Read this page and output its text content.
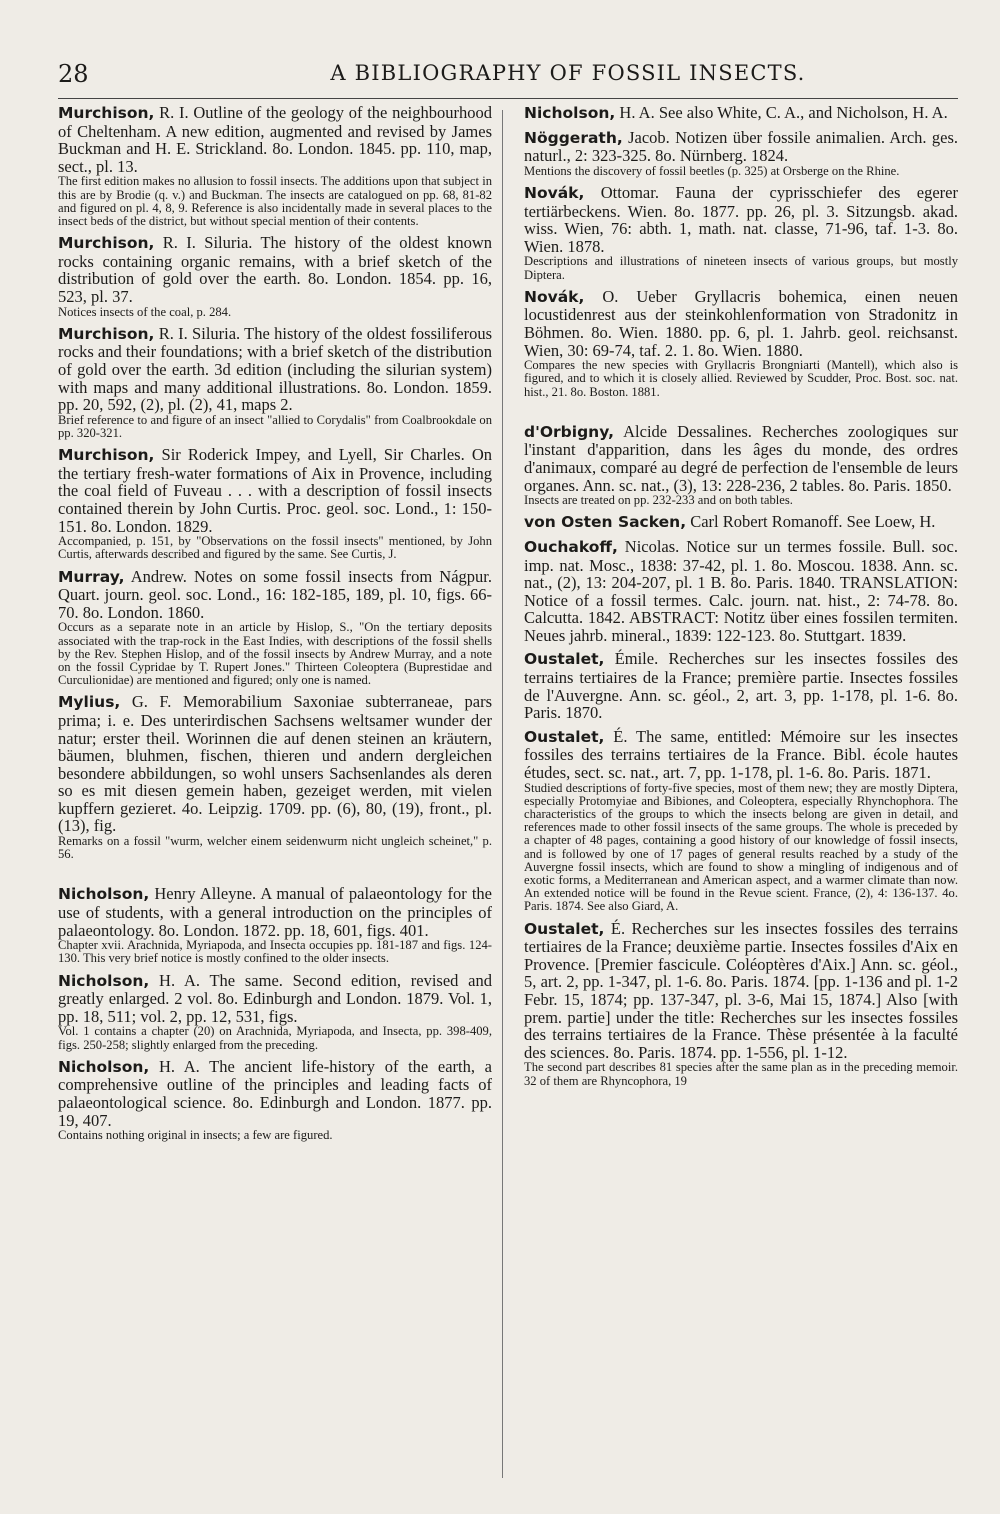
28	A BIBLIOGRAPHY OF FOSSIL INSECTS.

Murchison, R. I. Outline of the geology of the neighbourhood of Cheltenham. A new edition, augmented and revised by James Buckman and H. E. Strickland. 8o. London. 1845. pp. 110, map, sect., pl. 13.

The first edition makes no allusion to fossil insects. The additions upon that subject in this are by Brodie (q. v.) and Buckman. The insects are catalogued on pp. 68, 81-82 and figured on pl. 4, 8, 9. Reference is also incidentally made in several places to the insect beds of the district, but without special mention of their contents.

Murchison, R. I. Siluria. The history of the oldest known rocks containing organic remains, with a brief sketch of the distribution of gold over the earth. 8o. London. 1854. pp. 16, 523, pl. 37.

Notices insects of the coal, p. 284.

Murchison, R. I. Siluria. The history of the oldest fossiliferous rocks and their foundations; with a brief sketch of the distribution of gold over the earth. 3d edition (including the silurian system) with maps and many additional illustrations. 8o. London. 1859. pp. 20, 592, (2), pl. (2), 41, maps 2.

Brief reference to and figure of an insect "allied to Corydalis" from Coalbrookdale on pp. 320-321.

Murchison, Sir Roderick Impey, and Lyell, Sir Charles. On the tertiary fresh-water formations of Aix in Provence, including the coal field of Fuveau . . . with a description of fossil insects contained therein by John Curtis. Proc. geol. soc. Lond., 1: 150-151. 8o. London. 1829.

Accompanied, p. 151, by "Observations on the fossil insects" mentioned, by John Curtis, afterwards described and figured by the same. See Curtis, J.

Murray, Andrew. Notes on some fossil insects from Nágpur. Quart. journ. geol. soc. Lond., 16: 182-185, 189, pl. 10, figs. 66-70. 8o. London. 1860.

Occurs as a separate note in an article by Hislop, S., "On the tertiary deposits associated with the trap-rock in the East Indies, with descriptions of the fossil shells by the Rev. Stephen Hislop, and of the fossil insects by Andrew Murray, and a note on the fossil Cypridae by T. Rupert Jones." Thirteen Coleoptera (Buprestidae and Curculionidae) are mentioned and figured; only one is named.

Mylius, G. F. Memorabilium Saxoniae subterraneae, pars prima; i. e. Des unterirdischen Sachsens weltsamer wunder der natur; erster theil. Worinnen die auf denen steinen an kräutern, bäumen, bluhmen, fischen, thieren und andern dergleichen besondere abbildungen, so wohl unsers Sachsenlandes als deren so es mit diesen gemein haben, gezeiget werden, mit vielen kupffern gezieret. 4o. Leipzig. 1709. pp. (6), 80, (19), front., pl. (13), fig.

Remarks on a fossil "wurm, welcher einem seidenwurm nicht ungleich scheinet," p. 56.

Nicholson, Henry Alleyne. A manual of palaeontology for the use of students, with a general introduction on the principles of palaeontology. 8o. London. 1872. pp. 18, 601, figs. 401.

Chapter xvii. Arachnida, Myriapoda, and Insecta occupies pp. 181-187 and figs. 124-130. This very brief notice is mostly confined to the older insects.

Nicholson, H. A. The same. Second edition, revised and greatly enlarged. 2 vol. 8o. Edinburgh and London. 1879. Vol. 1, pp. 18, 511; vol. 2, pp. 12, 531, figs.

Vol. 1 contains a chapter (20) on Arachnida, Myriapoda, and Insecta, pp. 398-409, figs. 250-258; slightly enlarged from the preceding.

Nicholson, H. A. The ancient life-history of the earth, a comprehensive outline of the principles and leading facts of palaeontological science. 8o. Edinburgh and London. 1877. pp. 19, 407.

Contains nothing original in insects; a few are figured.

Nicholson, H. A. See also White, C. A., and Nicholson, H. A.

Nöggerath, Jacob. Notizen über fossile animalien. Arch. ges. naturl., 2: 323-325. 8o. Nürnberg. 1824.

Mentions the discovery of fossil beetles (p. 325) at Orsberge on the Rhine.

Novák, Ottomar. Fauna der cyprisschiefer des egerer tertiärbeckens. Wien. 8o. 1877. pp. 26, pl. 3. Sitzungsb. akad. wiss. Wien, 76: abth. 1, math. nat. classe, 71-96, taf. 1-3. 8o. Wien. 1878.

Descriptions and illustrations of nineteen insects of various groups, but mostly Diptera.

Novák, O. Ueber Gryllacris bohemica, einen neuen locustidenrest aus der steinkohlenformation von Stradonitz in Böhmen. 8o. Wien. 1880. pp. 6, pl. 1. Jahrb. geol. reichsanst. Wien, 30: 69-74, taf. 2. 1. 8o. Wien. 1880.

Compares the new species with Gryllacris Brongniarti (Mantell), which also is figured, and to which it is closely allied. Reviewed by Scudder, Proc. Bost. soc. nat. hist., 21. 8o. Boston. 1881.

d'Orbigny, Alcide Dessalines. Recherches zoologiques sur l'instant d'apparition, dans les âges du monde, des ordres d'animaux, comparé au degré de perfection de l'ensemble de leurs organes. Ann. sc. nat., (3), 13: 228-236, 2 tables. 8o. Paris. 1850.

Insects are treated on pp. 232-233 and on both tables.

von Osten Sacken, Carl Robert Romanoff. See Loew, H.

Ouchakoff, Nicolas. Notice sur un termes fossile. Bull. soc. imp. nat. Mosc., 1838: 37-42, pl. 1. 8o. Moscou. 1838. Ann. sc. nat., (2), 13: 204-207, pl. 1 B. 8o. Paris. 1840. TRANSLATION: Notice of a fossil termes. Calc. journ. nat. hist., 2: 74-78. 8o. Calcutta. 1842. ABSTRACT: Notitz über eines fossilen termiten. Neues jahrb. mineral., 1839: 122-123. 8o. Stuttgart. 1839.

Oustalet, Émile. Recherches sur les insectes fossiles des terrains tertiaires de la France; première partie. Insectes fossiles de l'Auvergne. Ann. sc. géol., 2, art. 3, pp. 1-178, pl. 1-6. 8o. Paris. 1870.

Oustalet, É. The same, entitled: Mémoire sur les insectes fossiles des terrains tertiaires de la France. Bibl. école hautes études, sect. sc. nat., art. 7, pp. 1-178, pl. 1-6. 8o. Paris. 1871.

Studied descriptions of forty-five species, most of them new; they are mostly Diptera, especially Protomyiae and Bibiones, and Coleoptera, especially Rhynchophora. The characteristics of the groups to which the insects belong are given in detail, and references made to other fossil insects of the same groups. The whole is preceded by a chapter of 48 pages, containing a good history of our knowledge of fossil insects, and is followed by one of 17 pages of general results reached by a study of the Auvergne fossil insects, which are found to show a mingling of indigenous and of exotic forms, a Mediterranean and American aspect, and a warmer climate than now. An extended notice will be found in the Revue scient. France, (2), 4: 136-137. 4o. Paris. 1874. See also Giard, A.

Oustalet, É. Recherches sur les insectes fossiles des terrains tertiaires de la France; deuxième partie. Insectes fossiles d'Aix en Provence. [Premier fascicule. Coléoptères d'Aix.] Ann. sc. géol., 5, art. 2, pp. 1-347, pl. 1-6. 8o. Paris. 1874. [pp. 1-136 and pl. 1-2 Febr. 15, 1874; pp. 137-347, pl. 3-6, Mai 15, 1874.] Also [with prem. partie] under the title: Recherches sur les insectes fossiles des terrains tertiaires de la France. Thèse présentée à la faculté des sciences. 8o. Paris. 1874. pp. 1-556, pl. 1-12.

The second part describes 81 species after the same plan as in the preceding memoir. 32 of them are Rhyncophora, 19
